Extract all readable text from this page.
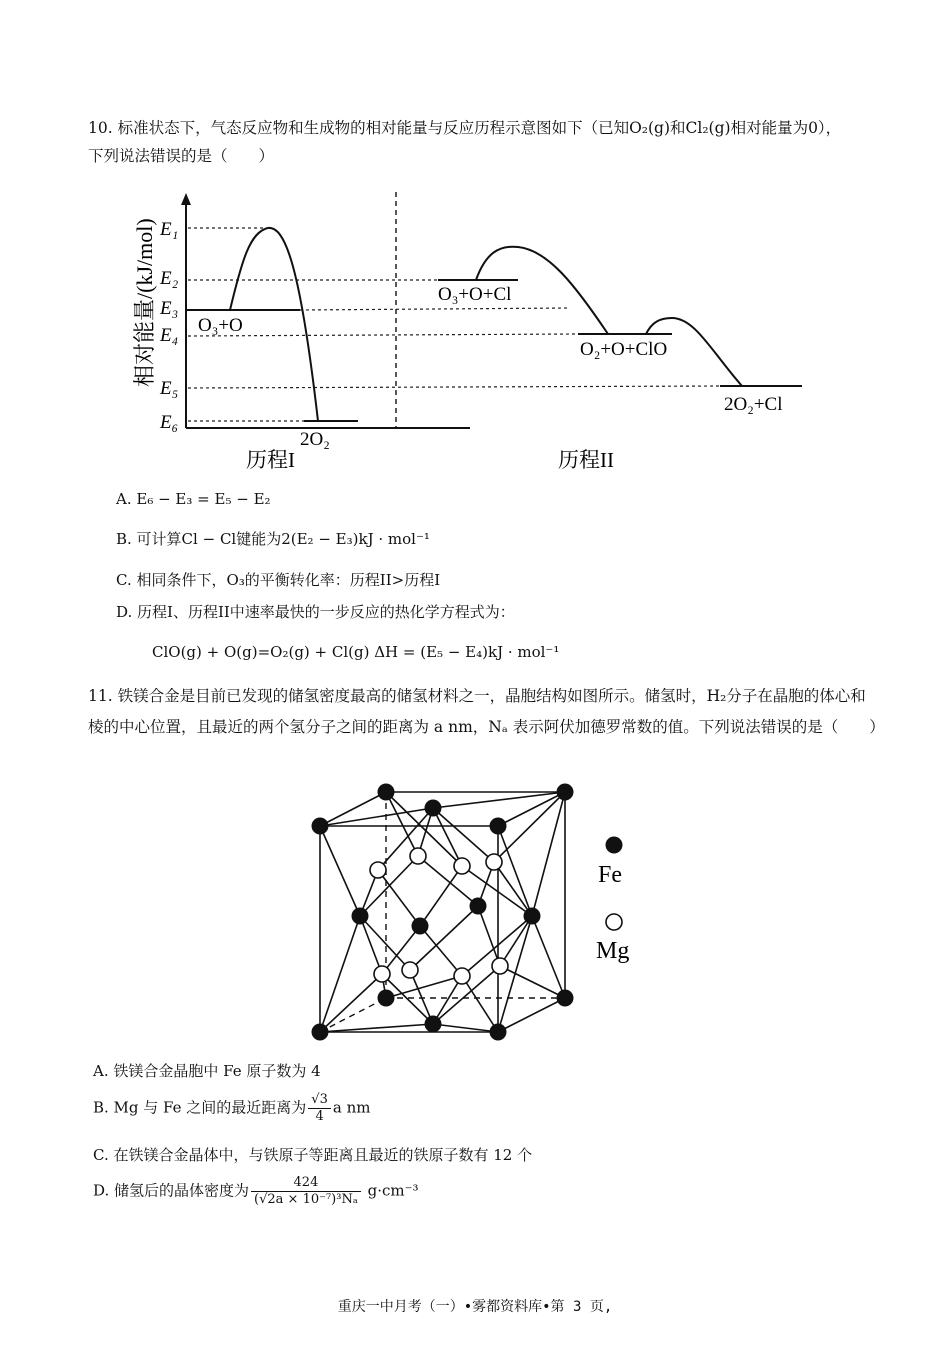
10. 标准状态下，气态反应物和生成物的相对能量与反应历程示意图如下（已知O₂(g)和Cl₂(g)相对能量为0），
下列说法错误的是（　　）
相对能量/(kJ/mol) E₁
E₂
E₃
E₄
E₅
E₆
O₃+O
2O₂
O₃+O+Cl
O₂+O+ClO
2O₂+Cl
历程I	历程II
A. E₆ − E₃ = E₅ − E₂
B. 可计算Cl − Cl键能为2(E₂ − E₃)kJ · mol⁻¹
C. 相同条件下，O₃的平衡转化率：历程II>历程I
D. 历程I、历程II中速率最快的一步反应的热化学方程式为：
ClO(g) + O(g)=O₂(g) + Cl(g) ΔH = (E₅ − E₄)kJ · mol⁻¹
11. 铁镁合金是目前已发现的储氢密度最高的储氢材料之一，晶胞结构如图所示。储氢时，H₂分子在晶胞的体心和棱的中心位置，且最近的两个氢分子之间的距离为 a nm，Nₐ 表示阿伏加德罗常数的值。下列说法错误的是（　　）
Fe
Mg
A. 铁镁合金晶胞中 Fe 原子数为 4
B. Mg 与 Fe 之间的最近距离为 $\frac{√3}{4}$ a nm
C. 在铁镁合金晶体中，与铁原子等距离且最近的铁原子数有 12 个
D. 储氢后的晶体密度为 $\frac{424}{\text{(√2a × 10⁻⁷)³Nₐ}} g\cdot cm^{-3}$
重庆一中月考（一）•雾都资料库•第 3 页,
